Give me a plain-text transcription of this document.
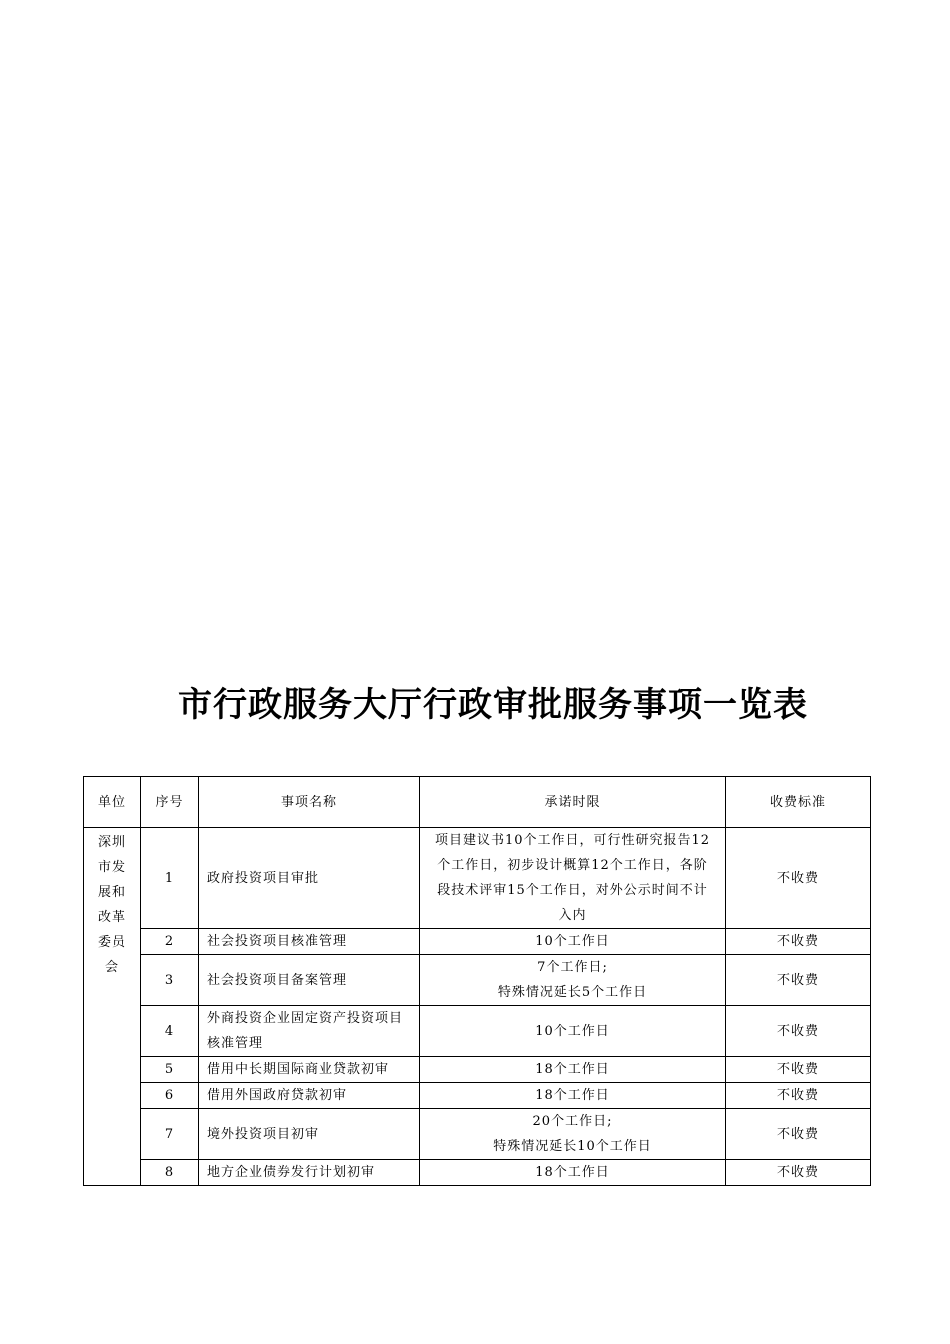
市行政服务大厅行政审批服务事项一览表
单位	序号	事项名称	承诺时限	收费标准
深圳市发展和改革委员会	1	政府投资项目审批	项目建议书10个工作日，可行性研究报告12
个工作日，初步设计概算12个工作日，各阶
段技术评审15个工作日，对外公示时间不计
入内	不收费
	2	社会投资项目核准管理	10个工作日	不收费
	3	社会投资项目备案管理	7个工作日;
特殊情况延长5个工作日	不收费
	4	外商投资企业固定资产投资项目核准管理	10个工作日	不收费
	5	借用中长期国际商业贷款初审	18个工作日	不收费
	6	借用外国政府贷款初审	18个工作日	不收费
	7	境外投资项目初审	20个工作日;
特殊情况延长10个工作日	不收费
	8	地方企业债券发行计划初审	18个工作日	不收费
